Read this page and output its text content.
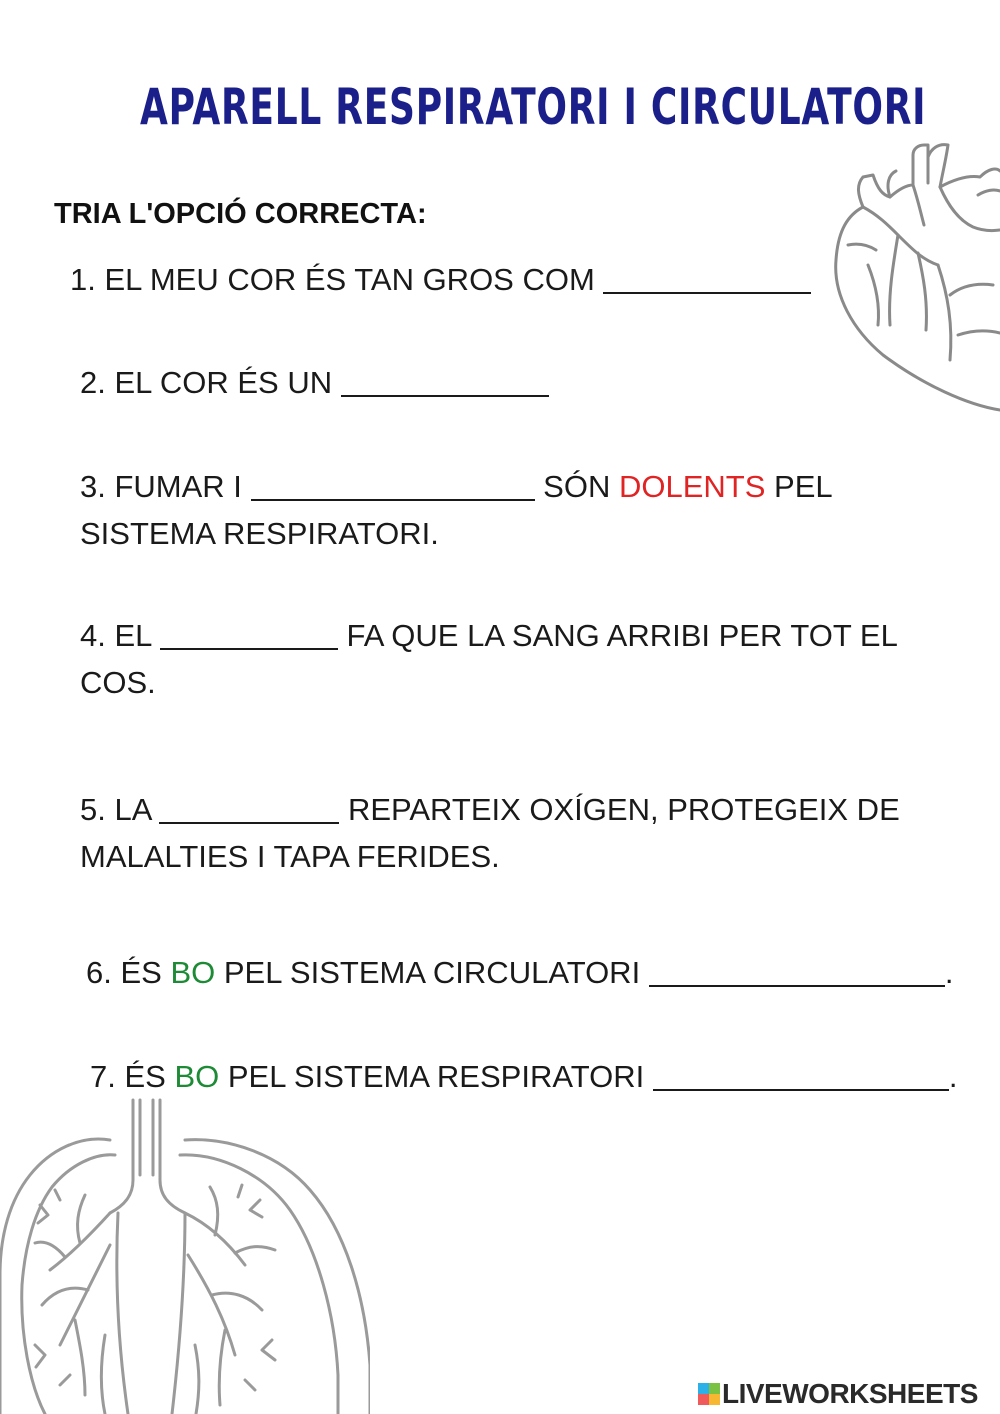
APARELL RESPIRATORI I CIRCULATORI
TRIA L'OPCIÓ CORRECTA:
1. EL MEU COR ÉS TAN GROS COM
2. EL COR ÉS UN
3. FUMAR I	SÓN DOLENTS PEL
SISTEMA RESPIRATORI.
4. EL	FA QUE LA SANG ARRIBI PER TOT EL
COS.
5. LA	REPARTEIX OXÍGEN, PROTEGEIX DE
MALALTIES I TAPA FERIDES.
6. ÉS BO PEL SISTEMA CIRCULATORI	.
7. ÉS BO PEL SISTEMA RESPIRATORI	.
LIVEWORKSHEETS
